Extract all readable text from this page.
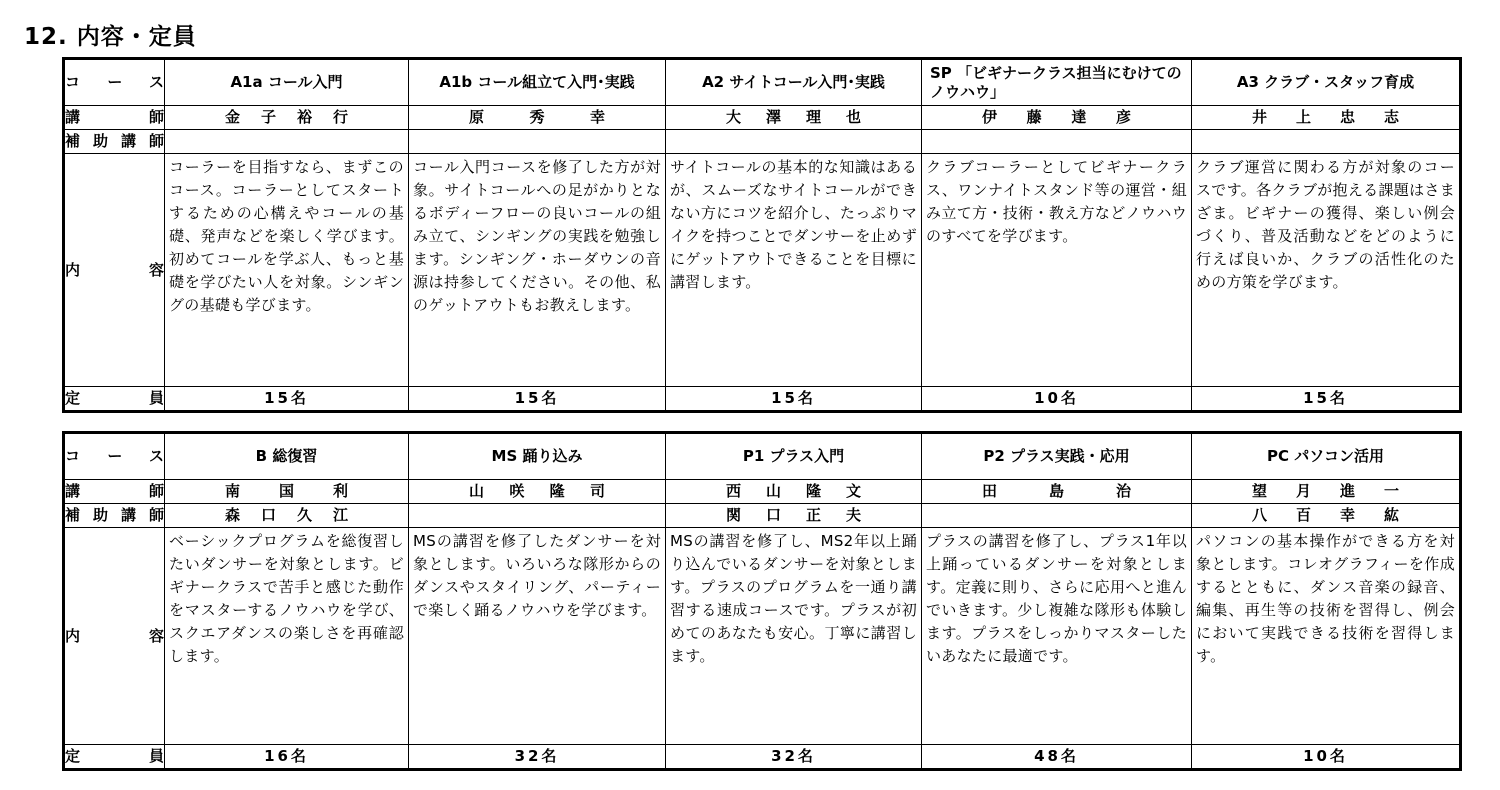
12. 内容・定員
コース	A1a コール入門	A1b コール組立て入門･実践	A2 サイトコール入門･実践	SP 「ビギナークラス担当にむけてのノウハウ」	A3 クラブ・スタッフ育成

講師	金子裕行	原秀幸	大澤理也	伊藤達彦	井上忠志
補助講師					
内容	コーラーを目指すなら、まずこのコース。コーラーとしてスタートするための心構えやコールの基礎、発声などを楽しく学びます。初めてコールを学ぶ人、もっと基礎を学びたい人を対象。シンギングの基礎も学びます。	コール入門コースを修了した方が対象。サイトコールへの足がかりとなるボディーフローの良いコールの組み立て、シンギングの実践を勉強します。シンギング・ホーダウンの音源は持参してください。その他、私のゲットアウトもお教えします。	サイトコールの基本的な知識はあるが、スムーズなサイトコールができない方にコツを紹介し、たっぷりマイクを持つことでダンサーを止めずにゲットアウトできることを目標に講習します。	クラブコーラーとしてビギナークラス、ワンナイトスタンド等の運営・組み立て方・技術・教え方などノウハウのすべてを学びます。	クラブ運営に関わる方が対象のコースです。各クラブが抱える課題はさまざま。ビギナーの獲得、楽しい例会づくり、普及活動などをどのように行えば良いか、クラブの活性化のための方策を学びます。
定員	15名	15名	15名	10名	15名
コース	B 総復習	MS 踊り込み	P1 プラス入門	P2 プラス実践・応用	PC パソコン活用

講師	南国利	山咲隆司	西山隆文	田島治	望月進一
補助講師	森口久江		関口正夫		八百幸紘
内容	ベーシックプログラムを総復習したいダンサーを対象とします。ビギナークラスで苦手と感じた動作をマスターするノウハウを学び、スクエアダンスの楽しさを再確認します。	MSの講習を修了したダンサーを対象とします。いろいろな隊形からのダンスやスタイリング、パーティーで楽しく踊るノウハウを学びます。	MSの講習を修了し、MS2年以上踊り込んでいるダンサーを対象とします。プラスのプログラムを一通り講習する速成コースです。プラスが初めてのあなたも安心。丁寧に講習します。	プラスの講習を修了し、プラス1年以上踊っているダンサーを対象とします。定義に則り、さらに応用へと進んでいきます。少し複雑な隊形も体験します。プラスをしっかりマスターしたいあなたに最適です。	パソコンの基本操作ができる方を対象とします。コレオグラフィーを作成するとともに、ダンス音楽の録音、編集、再生等の技術を習得し、例会において実践できる技術を習得します。
定員	16名	32名	32名	48名	10名
